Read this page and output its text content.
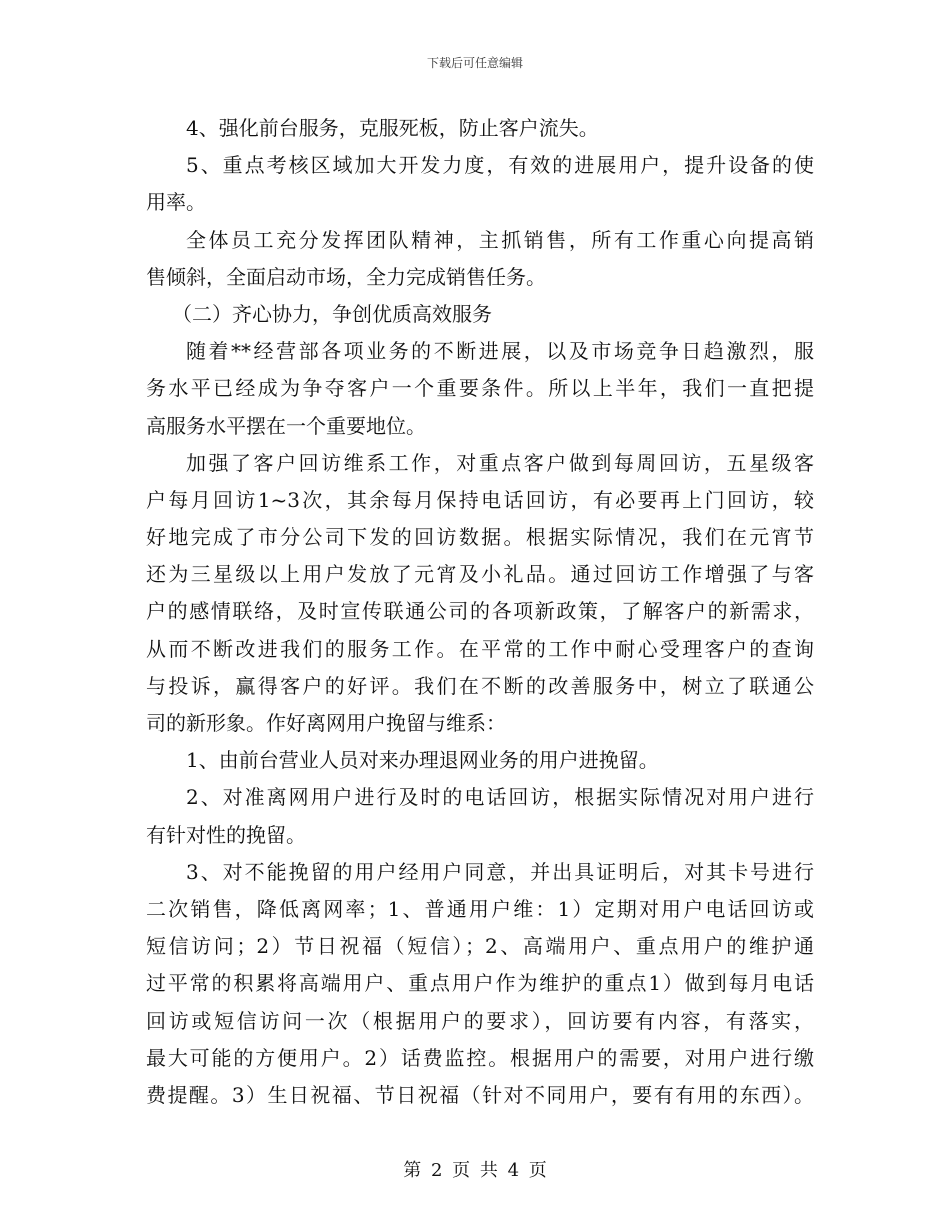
下载后可任意编辑
4、强化前台服务，克服死板，防止客户流失。
5、重点考核区域加大开发力度，有效的进展用户，提升设备的使
用率。
全体员工充分发挥团队精神，主抓销售，所有工作重心向提高销
售倾斜，全面启动市场，全力完成销售任务。
（二）齐心协力，争创优质高效服务
随着**经营部各项业务的不断进展，以及市场竞争日趋激烈，服
务水平已经成为争夺客户一个重要条件。所以上半年，我们一直把提
高服务水平摆在一个重要地位。
加强了客户回访维系工作，对重点客户做到每周回访，五星级客
户每月回访1~3次，其余每月保持电话回访，有必要再上门回访，较
好地完成了市分公司下发的回访数据。根据实际情况，我们在元宵节
还为三星级以上用户发放了元宵及小礼品。通过回访工作增强了与客
户的感情联络，及时宣传联通公司的各项新政策，了解客户的新需求，
从而不断改进我们的服务工作。在平常的工作中耐心受理客户的查询
与投诉，赢得客户的好评。我们在不断的改善服务中，树立了联通公
司的新形象。作好离网用户挽留与维系：
1、由前台营业人员对来办理退网业务的用户进挽留。
2、对准离网用户进行及时的电话回访，根据实际情况对用户进行
有针对性的挽留。
3、对不能挽留的用户经用户同意，并出具证明后，对其卡号进行
二次销售，降低离网率；1、普通用户维：1）定期对用户电话回访或
短信访问；2）节日祝福（短信）；2、高端用户、重点用户的维护通
过平常的积累将高端用户、重点用户作为维护的重点1）做到每月电话
回访或短信访问一次（根据用户的要求），回访要有内容，有落实，
最大可能的方便用户。2）话费监控。根据用户的需要，对用户进行缴
费提醒。3）生日祝福、节日祝福（针对不同用户，要有有用的东西）。
第 2 页 共 4 页
